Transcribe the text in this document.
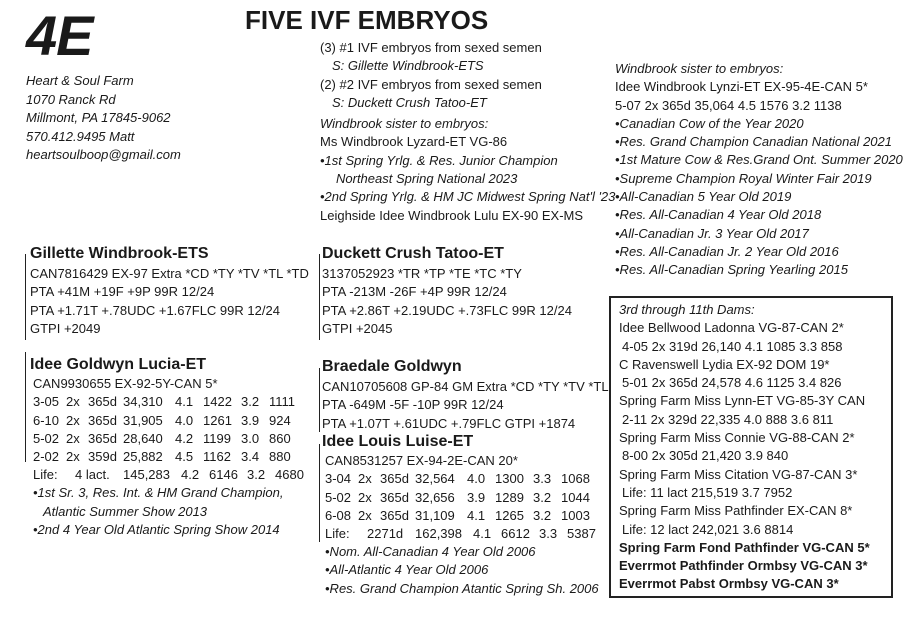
4E	FIVE IVF EMBRYOS
Heart & Soul Farm
1070 Ranck Rd
Millmont, PA 17845-9062
570.412.9495 Matt
heartsoulboop@gmail.com
(3) #1 IVF embryos from sexed semen
S: Gillette Windbrook-ETS
(2) #2 IVF embryos from sexed semen
S: Duckett Crush Tatoo-ET
Windbrook sister to embryos:
Ms Windbrook Lyzard-ET VG-86
•1st Spring Yrlg. & Res. Junior Champion
Northeast Spring National 2023
•2nd Spring Yrlg. & HM JC Midwest Spring Nat'l '23
Leighside Idee Windbrook Lulu EX-90 EX-MS
Windbrook sister to embryos:
Idee Windbrook Lynzi-ET EX-95-4E-CAN 5*
5-07 2x 365d 35,064 4.5 1576 3.2 1138
•Canadian Cow of the Year 2020
•Res. Grand Champion Canadian National 2021
•1st Mature Cow & Res.Grand Ont. Summer 2020
•Supreme Champion Royal Winter Fair 2019
•All-Canadian 5 Year Old 2019
•Res. All-Canadian 4 Year Old 2018
•All-Canadian Jr. 3 Year Old 2017
•Res. All-Canadian Jr. 2 Year Old 2016
•Res. All-Canadian Spring Yearling 2015
Gillette Windbrook-ETS
CAN7816429 EX-97 Extra *CD *TY *TV *TL *TD
PTA +41M +19F +9P 99R 12/24
PTA +1.71T +.78UDC +1.67FLC 99R 12/24
GTPI +2049
Duckett Crush Tatoo-ET
3137052923 *TR *TP *TE *TC *TY
PTA -213M -26F +4P 99R 12/24
PTA +2.86T +2.19UDC +.73FLC 99R 12/24
GTPI +2045
Idee Goldwyn Lucia-ET
CAN9930655 EX-92-5Y-CAN 5*
3-05 2x 365d 34,310 4.1 1422 3.2 1111
6-10 2x 365d 31,905 4.0 1261 3.9 924
5-02 2x 365d 28,640 4.2 1199 3.0 860
2-02 2x 359d 25,882 4.5 1162 3.4 880
Life:	4 lact.	145,283 4.2 6146 3.2 4680
•1st Sr. 3, Res. Int. & HM Grand Champion,
Atlantic Summer Show 2013
•2nd 4 Year Old Atlantic Spring Show 2014
Braedale Goldwyn
CAN10705608 GP-84 GM Extra *CD *TY *TV *TL
PTA -649M -5F -10P 99R 12/24
PTA +1.07T +.61UDC +.79FLC GTPI +1874
Idee Louis Luise-ET
CAN8531257 EX-94-2E-CAN 20*
3-04 2x 365d 32,564 4.0 1300 3.3 1068
5-02 2x 365d 32,656 3.9 1289 3.2 1044
6-08 2x 365d 31,109 4.1 1265 3.2 1003
Life:	2271d 162,398 4.1 6612 3.3 5387
•Nom. All-Canadian 4 Year Old 2006
•All-Atlantic 4 Year Old 2006
•Res. Grand Champion Atantic Spring Sh. 2006
3rd through 11th Dams:
Idee Bellwood Ladonna VG-87-CAN 2*
4-05 2x 319d 26,140 4.1 1085 3.3 858
C Ravenswell Lydia EX-92 DOM 19*
5-01 2x 365d 24,578 4.6 1125 3.4 826
Spring Farm Miss Lynn-ET VG-85-3Y CAN
2-11 2x 329d 22,335 4.0 888 3.6 811
Spring Farm Miss Connie VG-88-CAN 2*
8-00 2x 305d 21,420 3.9 840
Spring Farm Miss Citation VG-87-CAN 3*
Life: 11 lact 215,519 3.7 7952
Spring Farm Miss Pathfinder EX-CAN 8*
Life: 12 lact 242,021 3.6 8814
Spring Farm Fond Pathfinder VG-CAN 5*
Everrmot Pathfinder Ormbsy VG-CAN 3*
Everrmot Pabst Ormbsy VG-CAN 3*
